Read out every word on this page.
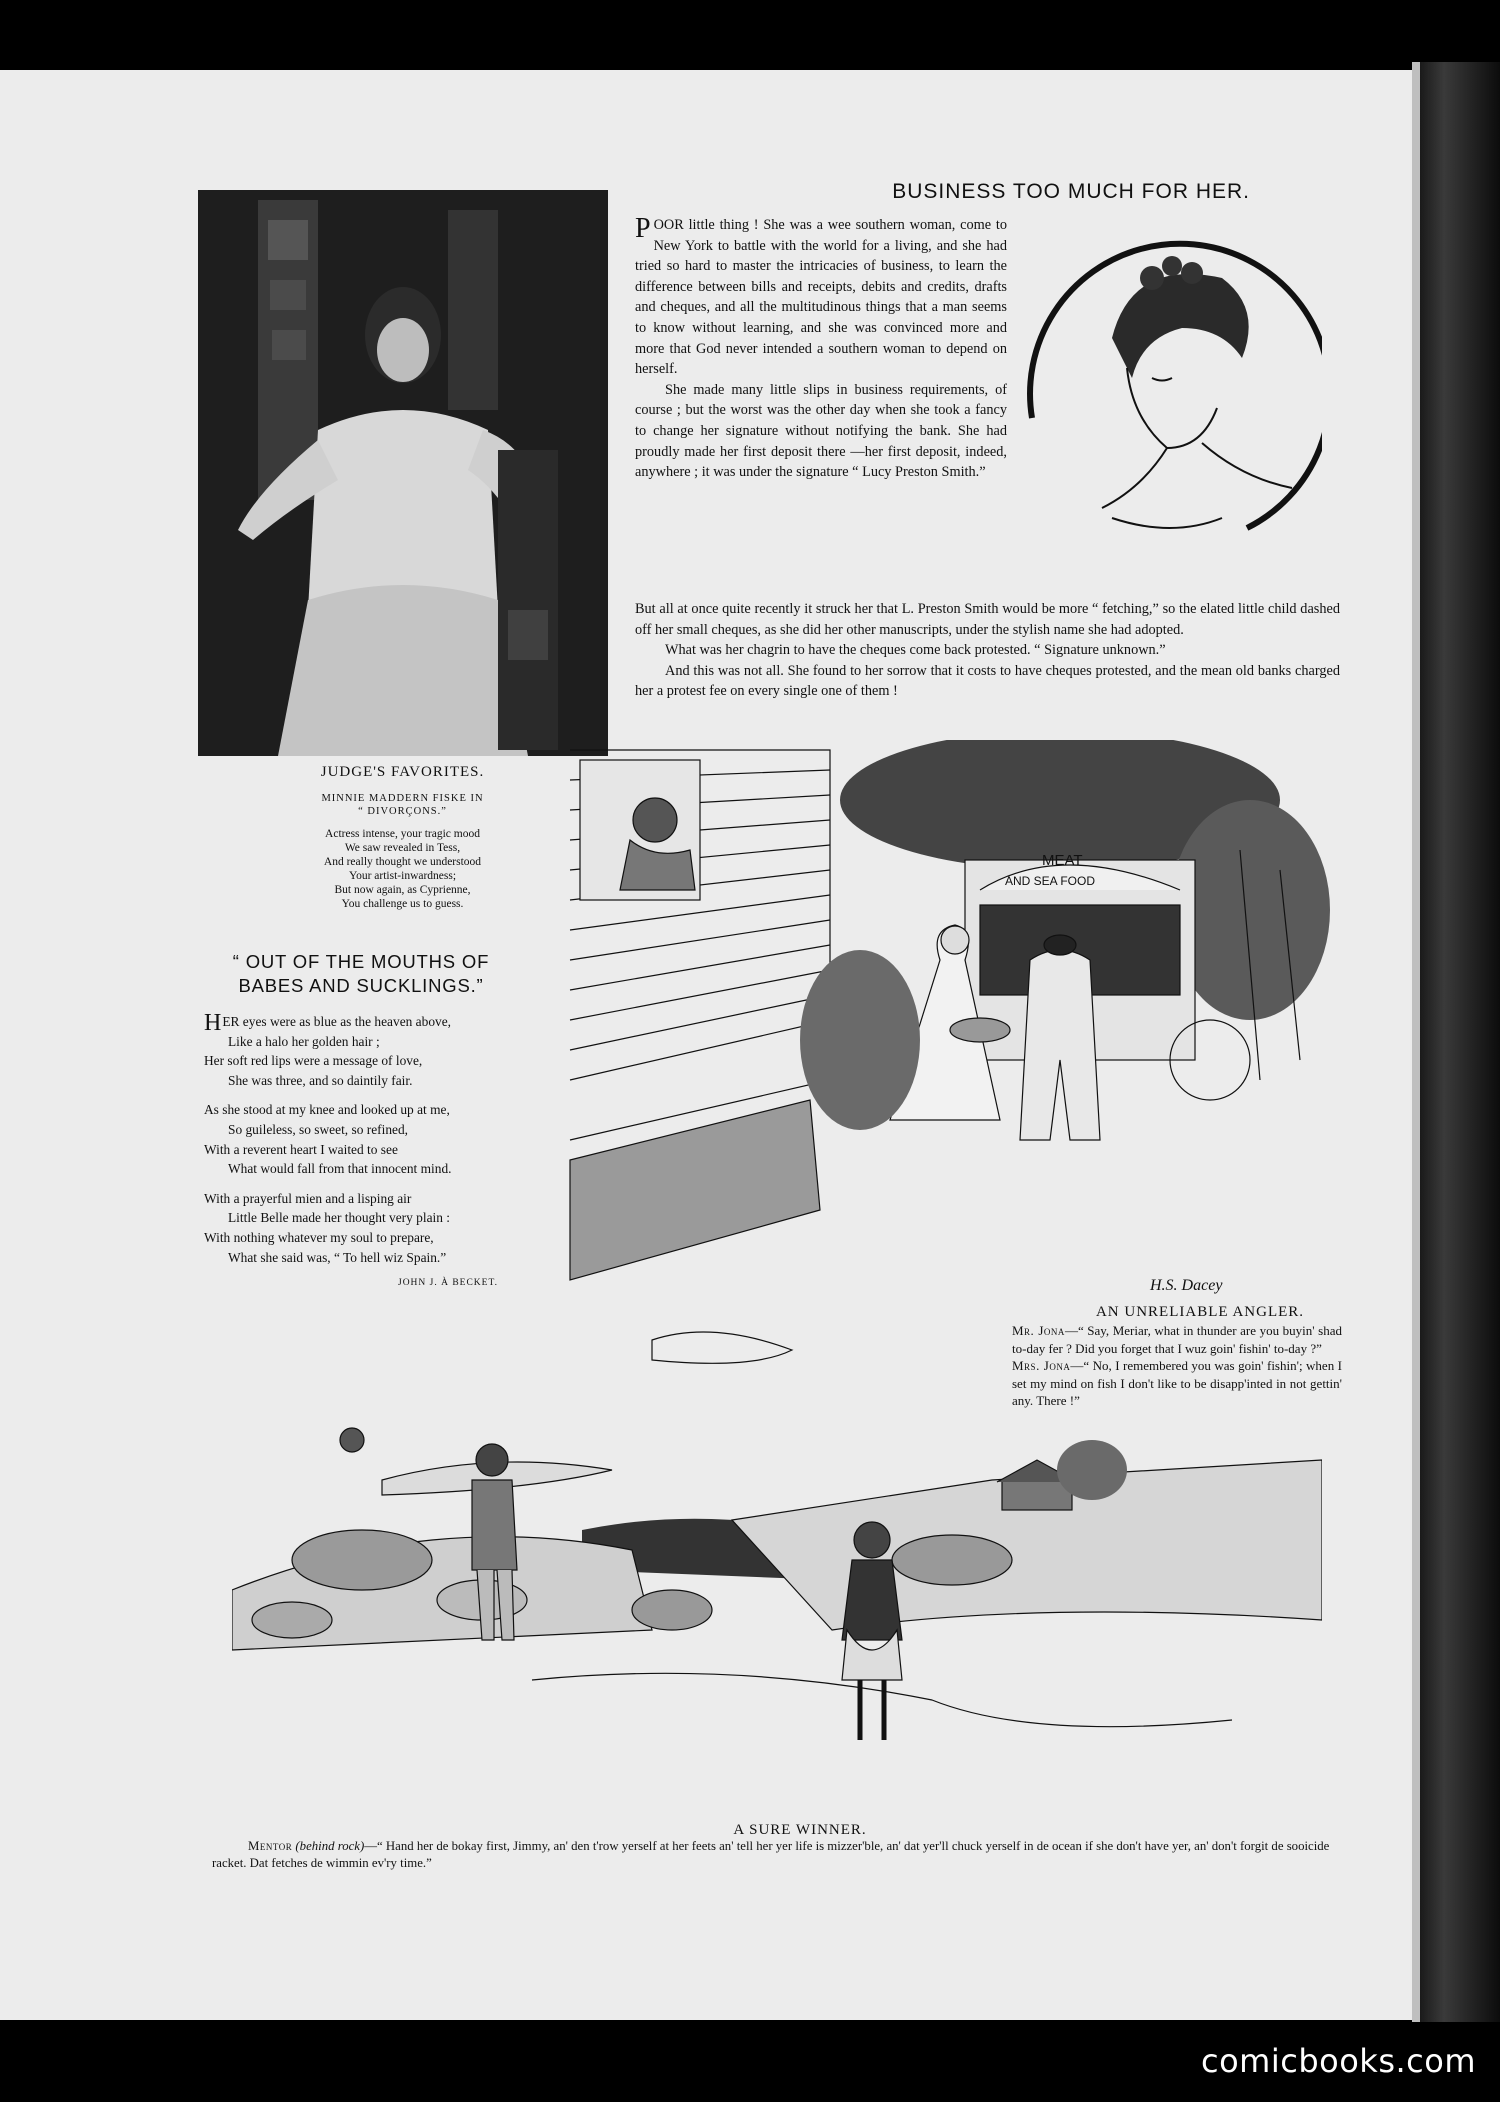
JUDGE'S FAVORITES.
MINNIE MADDERN FISKE IN
“ DIVORÇONS.”
Actress intense, your tragic mood
We saw revealed in Tess,
And really thought we understood
Your artist-inwardness;
But now again, as Cyprienne,
You challenge us to guess.
BUSINESS TOO MUCH FOR HER.

POOR little thing ! She was a wee southern woman, come to New York to battle with the world for a living, and she had tried so hard to master the intricacies of business, to learn the difference between bills and receipts, debits and credits, drafts and cheques, and all the multitudinous things that a man seems to know without learning, and she was convinced more and more that God never intended a southern woman to depend on herself.

She made many little slips in business requirements, of course ; but the worst was the other day when she took a fancy to change her signature without notifying the bank. She had proudly made her first deposit there —her first deposit, indeed, anywhere ; it was under the signature “ Lucy Preston Smith.”

But all at once quite recently it struck her that L. Preston Smith would be more “ fetching,” so the elated little child dashed off her small cheques, as she did her other manuscripts, under the stylish name she had adopted.

What was her chagrin to have the cheques come back protested. “ Signature unknown.”

And this was not all. She found to her sorrow that it costs to have cheques protested, and the mean old banks charged her a protest fee on every single one of them !

“ OUT OF THE MOUTHS OF
BABES AND SUCKLINGS.”
HER eyes were as blue as the heaven above,
Like a halo her golden hair ;
Her soft red lips were a message of love,
She was three, and so daintily fair.
As she stood at my knee and looked up at me,
So guileless, so sweet, so refined,
With a reverent heart I waited to see
What would fall from that innocent mind.
With a prayerful mien and a lisping air
Little Belle made her thought very plain :
With nothing whatever my soul to prepare,
What she said was, “ To hell wiz Spain.”
JOHN J. À BECKET.
MEAT
AND SEA FOOD
H.S. Dacey
AN UNRELIABLE ANGLER.

Mr. Jona—“ Say, Meriar, what in thunder are you buyin' shad to-day fer ? Did you forget that I wuz goin' fishin' to-day ?”

Mrs. Jona—“ No, I remembered you was goin' fishin'; when I set my mind on fish I don't like to be disapp'inted in not gettin' any. There !”

A SURE WINNER.

Mentor (behind rock)—“ Hand her de bokay first, Jimmy, an' den t'row yerself at her feets an' tell her yer life is mizzer'ble, an' dat yer'll chuck yerself in de ocean if she don't have yer, an' don't forgit de sooicide racket. Dat fetches de wimmin ev'ry time.”

comicbooks.com
